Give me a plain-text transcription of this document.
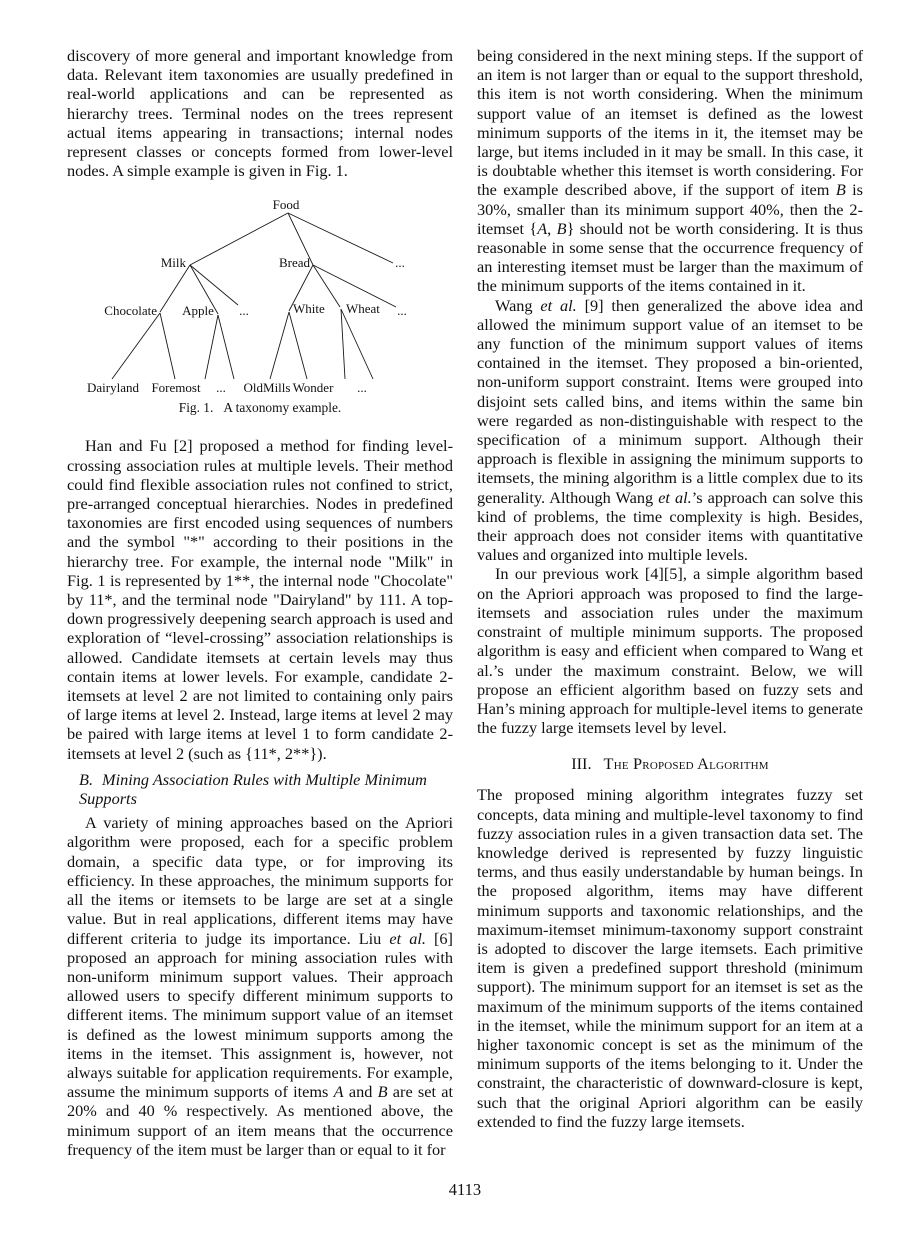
discovery of more general and important knowledge from data. Relevant item taxonomies are usually predefined in real-world applications and can be represented as hierarchy trees. Terminal nodes on the trees represent actual items appearing in transactions; internal nodes represent classes or concepts formed from lower-level nodes. A simple example is given in Fig. 1.

Food
Milk	Bread	...
Chocolate Apple ...	White Wheat ...
Dairyland Foremost ... OldMills Wonder ...
Fig. 1. A taxonomy example.

Han and Fu [2] proposed a method for finding level-crossing association rules at multiple levels. Their method could find flexible association rules not confined to strict, pre-arranged conceptual hierarchies. Nodes in predefined taxonomies are first encoded using sequences of numbers and the symbol "*" according to their positions in the hierarchy tree. For example, the internal node "Milk" in Fig. 1 is represented by 1**, the internal node "Chocolate" by 11*, and the terminal node "Dairyland" by 111. A top-down progressively deepening search approach is used and exploration of “level-crossing” association relationships is allowed. Candidate itemsets at certain levels may thus contain items at lower levels. For example, candidate 2-itemsets at level 2 are not limited to containing only pairs of large items at level 2. Instead, large items at level 2 may be paired with large items at level 1 to form candidate 2-itemsets at level 2 (such as {11*, 2**}).

B. Mining Association Rules with Multiple Minimum Supports

A variety of mining approaches based on the Apriori algorithm were proposed, each for a specific problem domain, a specific data type, or for improving its efficiency. In these approaches, the minimum supports for all the items or itemsets to be large are set at a single value. But in real applications, different items may have different criteria to judge its importance. Liu et al. [6] proposed an approach for mining association rules with non-uniform minimum support values. Their approach allowed users to specify different minimum supports to different items. The minimum support value of an itemset is defined as the lowest minimum supports among the items in the itemset. This assignment is, however, not always suitable for application requirements. For example, assume the minimum supports of items A and B are set at 20% and 40 % respectively. As mentioned above, the minimum support of an item means that the occurrence frequency of the item must be larger than or equal to it for

being considered in the next mining steps. If the support of an item is not larger than or equal to the support threshold, this item is not worth considering. When the minimum support value of an itemset is defined as the lowest minimum supports of the items in it, the itemset may be large, but items included in it may be small. In this case, it is doubtable whether this itemset is worth considering. For the example described above, if the support of item B is 30%, smaller than its minimum support 40%, then the 2-itemset {A, B} should not be worth considering. It is thus reasonable in some sense that the occurrence frequency of an interesting itemset must be larger than the maximum of the minimum supports of the items contained in it.

Wang et al. [9] then generalized the above idea and allowed the minimum support value of an itemset to be any function of the minimum support values of items contained in the itemset. They proposed a bin-oriented, non-uniform support constraint. Items were grouped into disjoint sets called bins, and items within the same bin were regarded as non-distinguishable with respect to the specification of a minimum support. Although their approach is flexible in assigning the minimum supports to itemsets, the mining algorithm is a little complex due to its generality. Although Wang et al.’s approach can solve this kind of problems, the time complexity is high. Besides, their approach does not consider items with quantitative values and organized into multiple levels.

In our previous work [4][5], a simple algorithm based on the Apriori approach was proposed to find the large-itemsets and association rules under the maximum constraint of multiple minimum supports. The proposed algorithm is easy and efficient when compared to Wang et al.’s under the maximum constraint. Below, we will propose an efficient algorithm based on fuzzy sets and Han’s mining approach for multiple-level items to generate the fuzzy large itemsets level by level.

III. The Proposed Algorithm

The proposed mining algorithm integrates fuzzy set concepts, data mining and multiple-level taxonomy to find fuzzy association rules in a given transaction data set. The knowledge derived is represented by fuzzy linguistic terms, and thus easily understandable by human beings. In the proposed algorithm, items may have different minimum supports and taxonomic relationships, and the maximum-itemset minimum-taxonomy support constraint is adopted to discover the large itemsets. Each primitive item is given a predefined support threshold (minimum support). The minimum support for an itemset is set as the maximum of the minimum supports of the items contained in the itemset, while the minimum support for an item at a higher taxonomic concept is set as the minimum of the minimum supports of the items belonging to it. Under the constraint, the characteristic of downward-closure is kept, such that the original Apriori algorithm can be easily extended to find the fuzzy large itemsets.

4113
